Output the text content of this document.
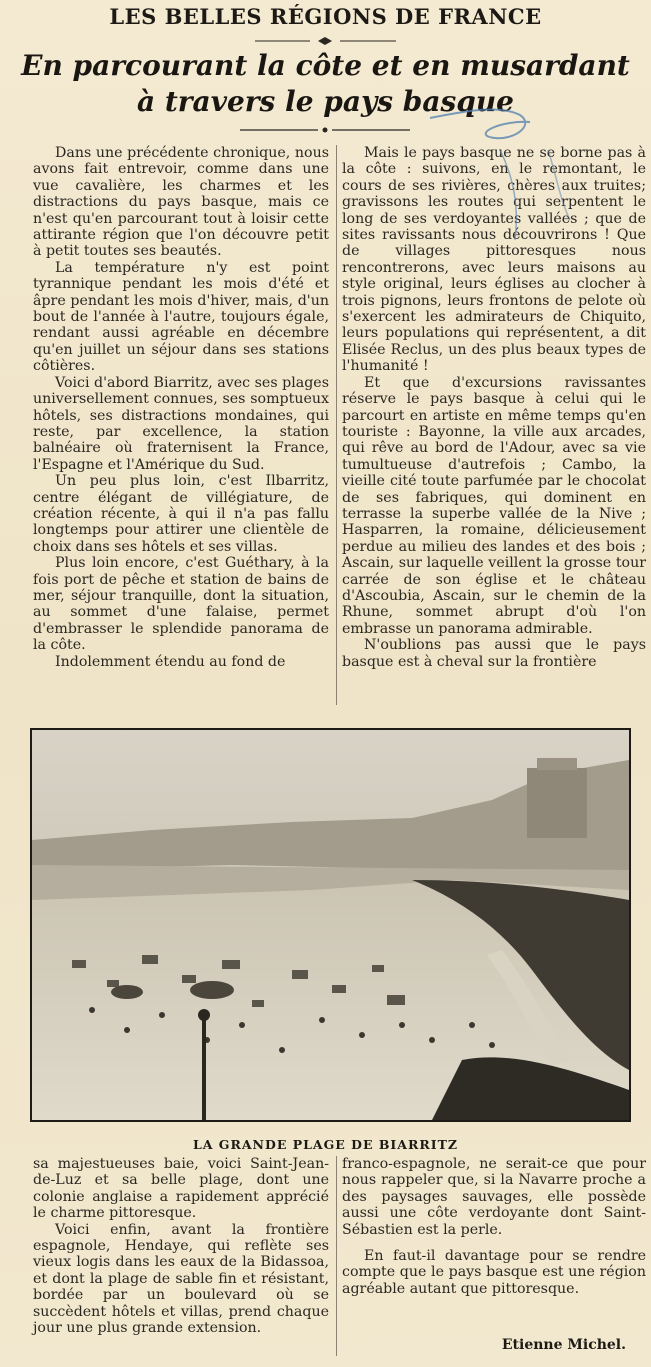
LES BELLES RÉGIONS DE FRANCE
En parcourant la côte et en musardant
à travers le pays basque

Dans une précédente chronique, nous avons fait entrevoir, comme dans une vue cavalière, les charmes et les distractions du pays basque, mais ce n'est qu'en parcourant tout à loisir cette attirante région que l'on découvre petit à petit toutes ses beautés.

La température n'y est point tyrannique pendant les mois d'été et âpre pendant les mois d'hiver, mais, d'un bout de l'année à l'autre, toujours égale, rendant aussi agréable en décembre qu'en juillet un séjour dans ses stations côtières.

Voici d'abord Biarritz, avec ses plages universellement connues, ses somptueux hôtels, ses distractions mondaines, qui reste, par excellence, la station balnéaire où fraternisent la France, l'Espagne et l'Amérique du Sud.

Un peu plus loin, c'est Ilbarritz, centre élégant de villégiature, de création récente, à qui il n'a pas fallu longtemps pour attirer une clientèle de choix dans ses hôtels et ses villas.

Plus loin encore, c'est Guéthary, à la fois port de pêche et station de bains de mer, séjour tranquille, dont la situation, au sommet d'une falaise, permet d'embrasser le splendide panorama de la côte.

Indolemment étendu au fond de

Mais le pays basque ne se borne pas à la côte : suivons, en le remontant, le cours de ses rivières, chères aux truites; gravissons les routes qui serpentent le long de ses verdoyantes vallées ; que de sites ravissants nous découvrirons ! Que de villages pittoresques nous rencontrerons, avec leurs maisons au style original, leurs églises au clocher à trois pignons, leurs frontons de pelote où s'exercent les admirateurs de Chiquito, leurs populations qui représentent, a dit Elisée Reclus, un des plus beaux types de l'humanité !

Et que d'excursions ravissantes réserve le pays basque à celui qui le parcourt en artiste en même temps qu'en touriste : Bayonne, la ville aux arcades, qui rêve au bord de l'Adour, avec sa vie tumultueuse d'autrefois ; Cambo, la vieille cité toute parfumée par le chocolat de ses fabriques, qui dominent en terrasse la superbe vallée de la Nive ; Hasparren, la romaine, délicieusement perdue au milieu des landes et des bois ; Ascain, sur laquelle veillent la grosse tour carrée de son église et le château d'Ascoubia, Ascain, sur le chemin de la Rhune, sommet abrupt d'où l'on embrasse un panorama admirable.

N'oublions pas aussi que le pays basque est à cheval sur la frontière

LA GRANDE PLAGE DE BIARRITZ

sa majestueuses baie, voici Saint-Jean-de-Luz et sa belle plage, dont une colonie anglaise a rapidement apprécié le charme pittoresque.

Voici enfin, avant la frontière espagnole, Hendaye, qui reflète ses vieux logis dans les eaux de la Bidassoa, et dont la plage de sable fin et résistant, bordée par un boulevard où se succèdent hôtels et villas, prend chaque jour une plus grande extension.

franco-espagnole, ne serait-ce que pour nous rappeler que, si la Navarre proche a des paysages sauvages, elle possède aussi une côte verdoyante dont Saint-Sébastien est la perle.

En faut-il davantage pour se rendre compte que le pays basque est une région agréable autant que pittoresque.

Etienne Michel.
